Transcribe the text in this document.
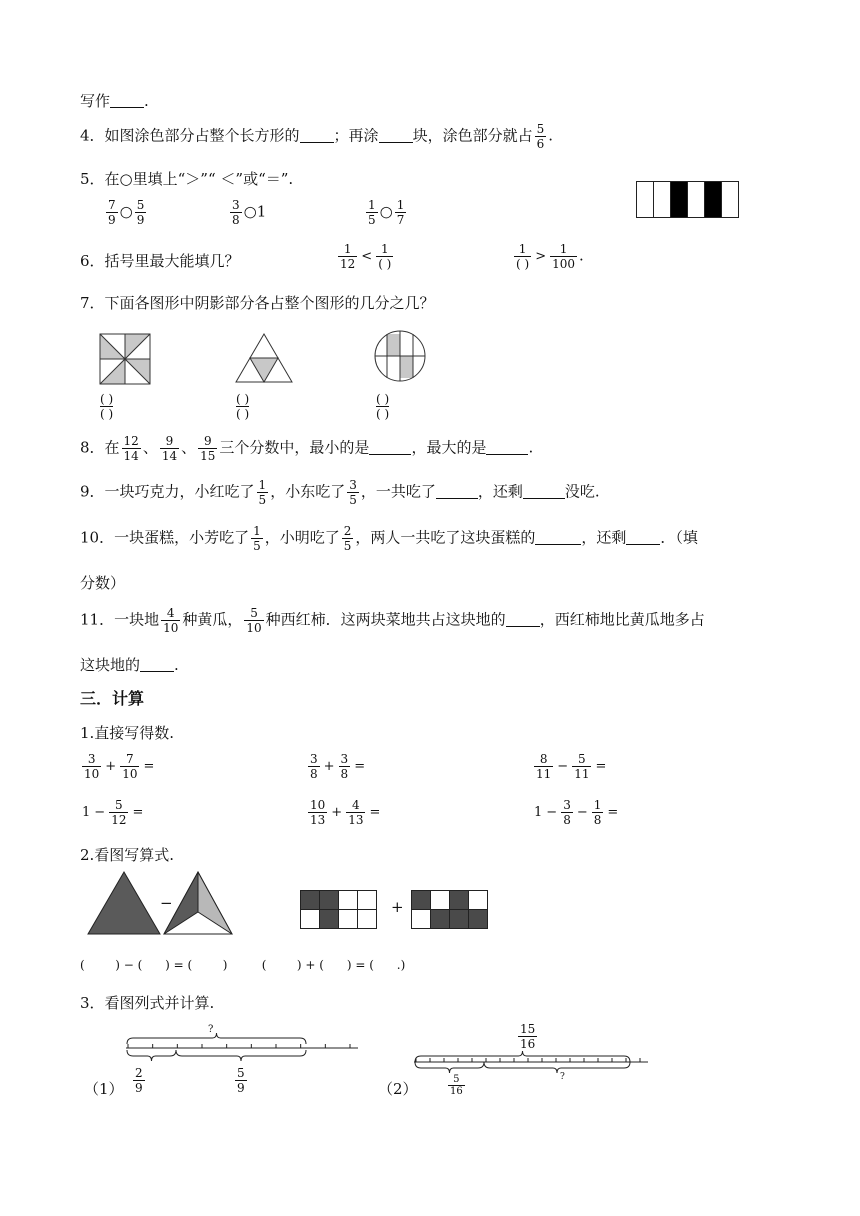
写作 .
4．如图涂色部分占整个长方形的 ；再涂 块，涂色部分就占 $\frac{5}{6}$ .
5．在○里填上“＞”“ ＜”或“＝”.
$\frac{7}{9}$ ○ $\frac{5}{9}$	$\frac{3}{8}$ ○1	$\frac{1}{5}$ ○ $\frac{1}{7}$
6．括号里最大能填几？	$\frac{1}{12} < \frac{1}{( )}$	$\frac{1}{( )} > \frac{1}{100}$ .
7．下面各图形中阴影部分各占整个图形的几分之几？
( )
( )
( )
( )
( )
( )
8．在 $\frac{12}{14}$ 、 $\frac{9}{14}$ 、 $\frac{9}{15}$ 三个分数中，最小的是	，最大的是	.
9．一块巧克力，小红吃了 $\frac{1}{5}$ ，小东吃了 $\frac{3}{5}$ ，一共吃了	，还剩	没吃.
10．一块蛋糕，小芳吃了 $\frac{1}{5}$ ，小明吃了 $\frac{2}{5}$ ，两人一共吃了这块蛋糕的	，还剩 ．（填
分数）
11．一块地 $\frac{4}{10}$ 种黄瓜， $\frac{5}{10}$ 种西红柿．这两块菜地共占这块地的 ，西红柿地比黄瓜地多占
这块地的 .
三．计算
1.直接写得数.
$\frac{3}{10} + \frac{7}{10}$ =	$\frac{3}{8} + \frac{3}{8}$ =	$\frac{8}{11} - \frac{5}{11}$ =
$1 - \frac{5}{12}$ =	$\frac{10}{13} + \frac{4}{13}$ =	$1 - \frac{3}{8} - \frac{1}{8}$ =
2.看图写算式.
−	+
(        ) − (      ) = (        )         (        ) + (      ) = (      .)
3．看图列式并计算.
（1）
?
$\frac{2}{9}$	$\frac{5}{9}$	（2）
$\frac{15}{16}$
$\frac{5}{16}$	?
